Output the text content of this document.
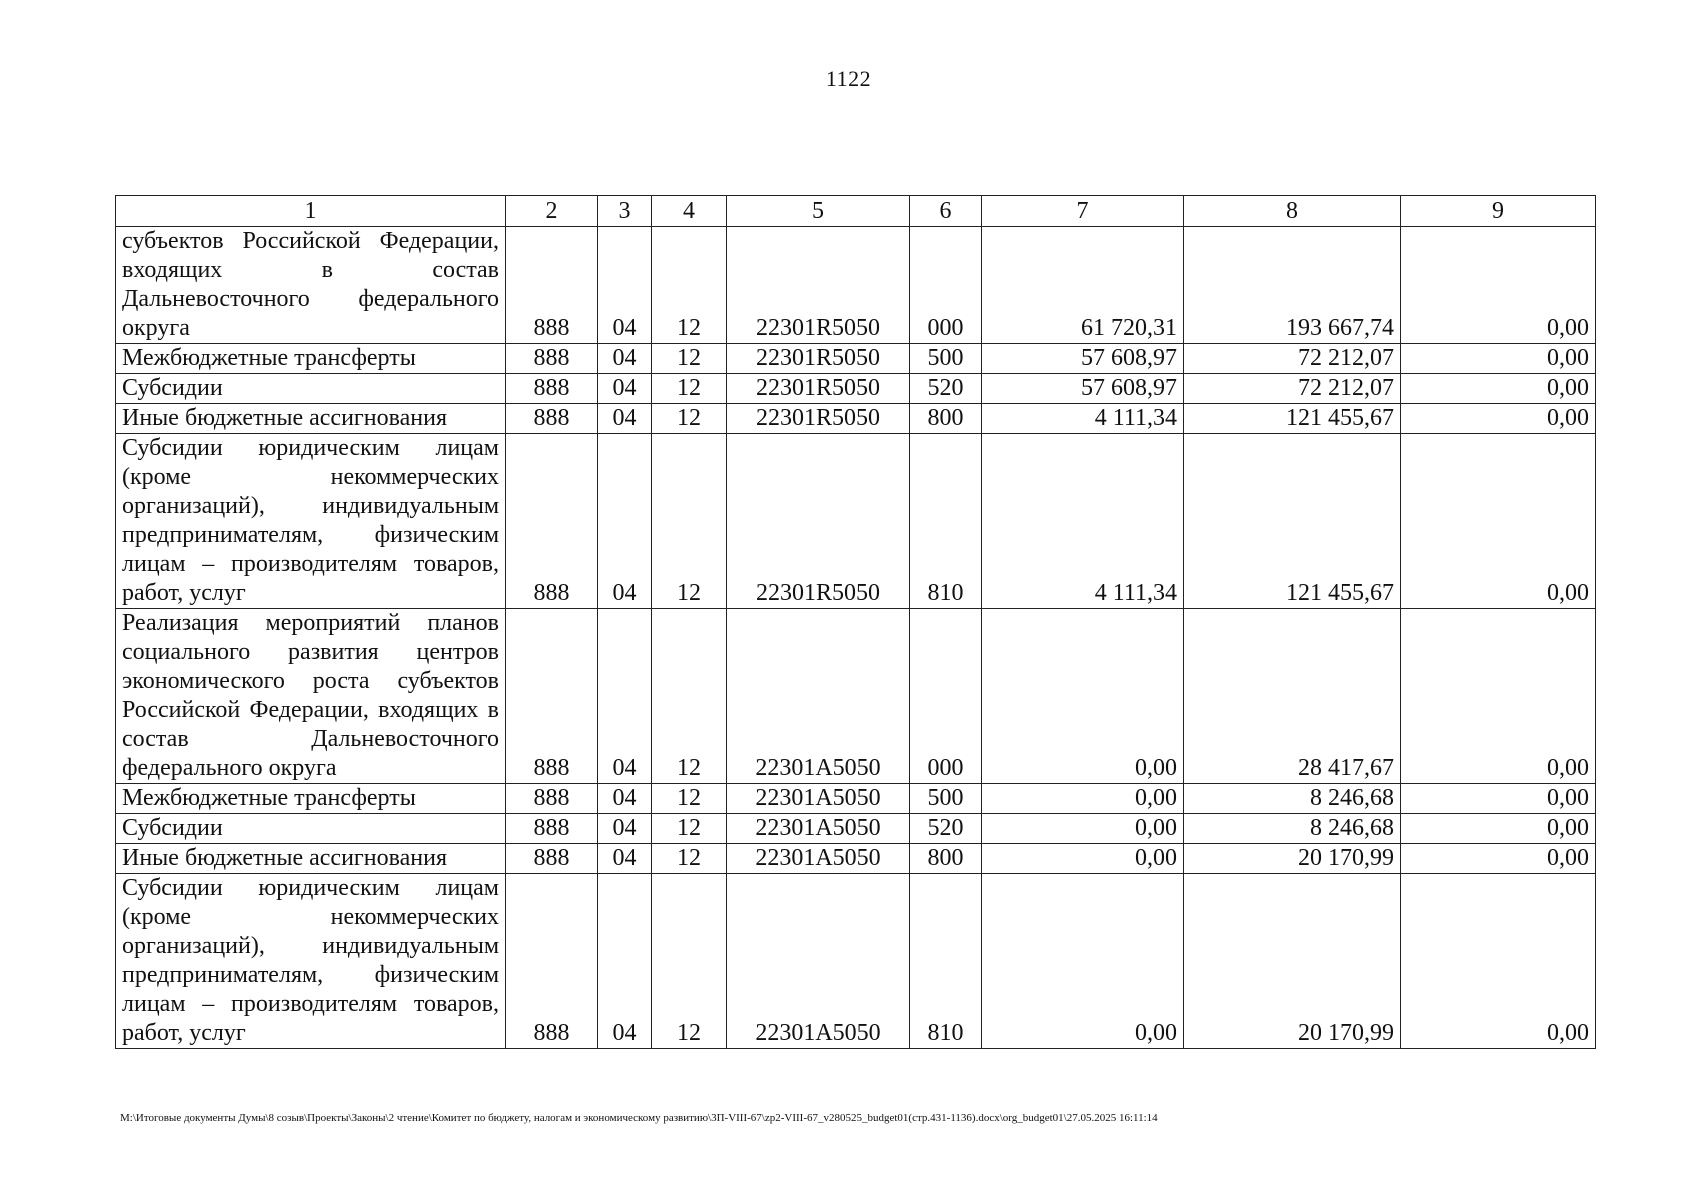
1122
1	2	3	4	5	6	7	8	9
субъектов Российской Федерации, входящих в состав Дальневосточного федерального округа	888	04	12	22301R5050	000	61 720,31	193 667,74	0,00
Межбюджетные трансферты	888	04	12	22301R5050	500	57 608,97	72 212,07	0,00
Субсидии	888	04	12	22301R5050	520	57 608,97	72 212,07	0,00
Иные бюджетные ассигнования	888	04	12	22301R5050	800	4 111,34	121 455,67	0,00
Субсидии юридическим лицам (кроме некоммерческих организаций), индивидуальным предпринимателям, физическим лицам – производителям товаров, работ, услуг	888	04	12	22301R5050	810	4 111,34	121 455,67	0,00
Реализация мероприятий планов социального развития центров экономического роста субъектов Российской Федерации, входящих в состав Дальневосточного федерального округа	888	04	12	22301A5050	000	0,00	28 417,67	0,00
Межбюджетные трансферты	888	04	12	22301A5050	500	0,00	8 246,68	0,00
Субсидии	888	04	12	22301A5050	520	0,00	8 246,68	0,00
Иные бюджетные ассигнования	888	04	12	22301A5050	800	0,00	20 170,99	0,00
Субсидии юридическим лицам (кроме некоммерческих организаций), индивидуальным предпринимателям, физическим лицам – производителям товаров, работ, услуг	888	04	12	22301A5050	810	0,00	20 170,99	0,00
М:\Итоговые документы Думы\8 созыв\Проекты\Законы\2 чтение\Комитет по бюджету, налогам и экономическому развитию\3П-VIII-67\zp2-VIII-67_v280525_budget01(стр.431-1136).docx\org_budget01\27.05.2025 16:11:14
